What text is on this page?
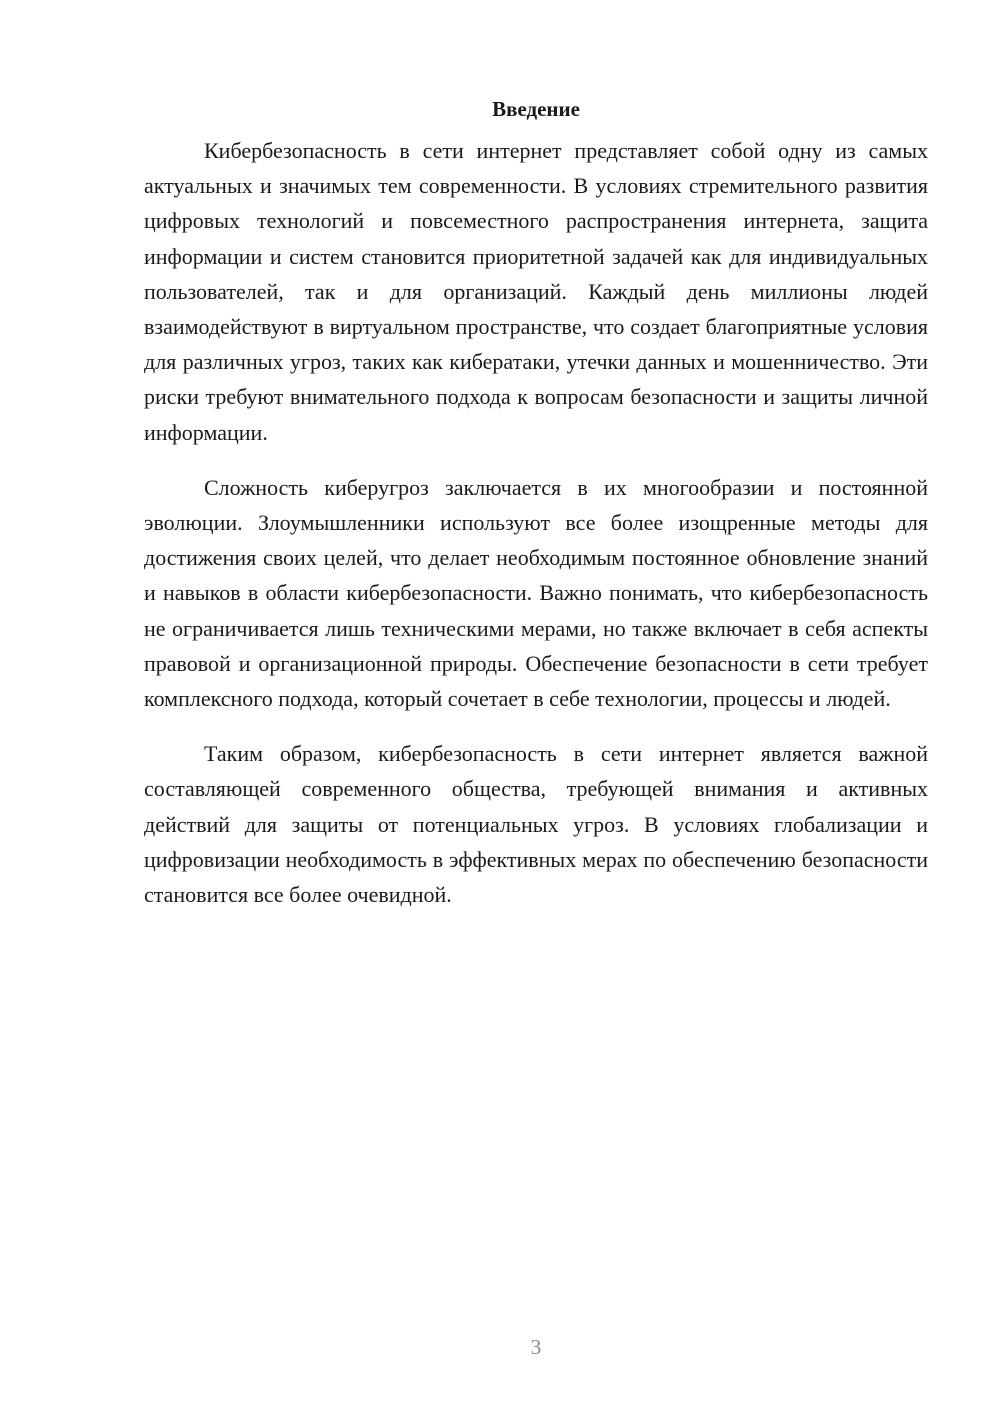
Введение

Кибербезопасность в сети интернет представляет собой одну из самых актуальных и значимых тем современности. В условиях стремительного развития цифровых технологий и повсеместного распространения интернета, защита информации и систем становится приоритетной задачей как для индивидуальных пользователей, так и для организаций. Каждый день миллионы людей взаимодействуют в виртуальном пространстве, что создает благоприятные условия для различных угроз, таких как кибератаки, утечки данных и мошенничество. Эти риски требуют внимательного подхода к вопросам безопасности и защиты личной информации.

Сложность киберугроз заключается в их многообразии и постоянной эволюции. Злоумышленники используют все более изощренные методы для достижения своих целей, что делает необходимым постоянное обновление знаний и навыков в области кибербезопасности. Важно понимать, что кибербезопасность не ограничивается лишь техническими мерами, но также включает в себя аспекты правовой и организационной природы. Обеспечение безопасности в сети требует комплексного подхода, который сочетает в себе технологии, процессы и людей.

Таким образом, кибербезопасность в сети интернет является важной составляющей современного общества, требующей внимания и активных действий для защиты от потенциальных угроз. В условиях глобализации и цифровизации необходимость в эффективных мерах по обеспечению безопасности становится все более очевидной.

3
